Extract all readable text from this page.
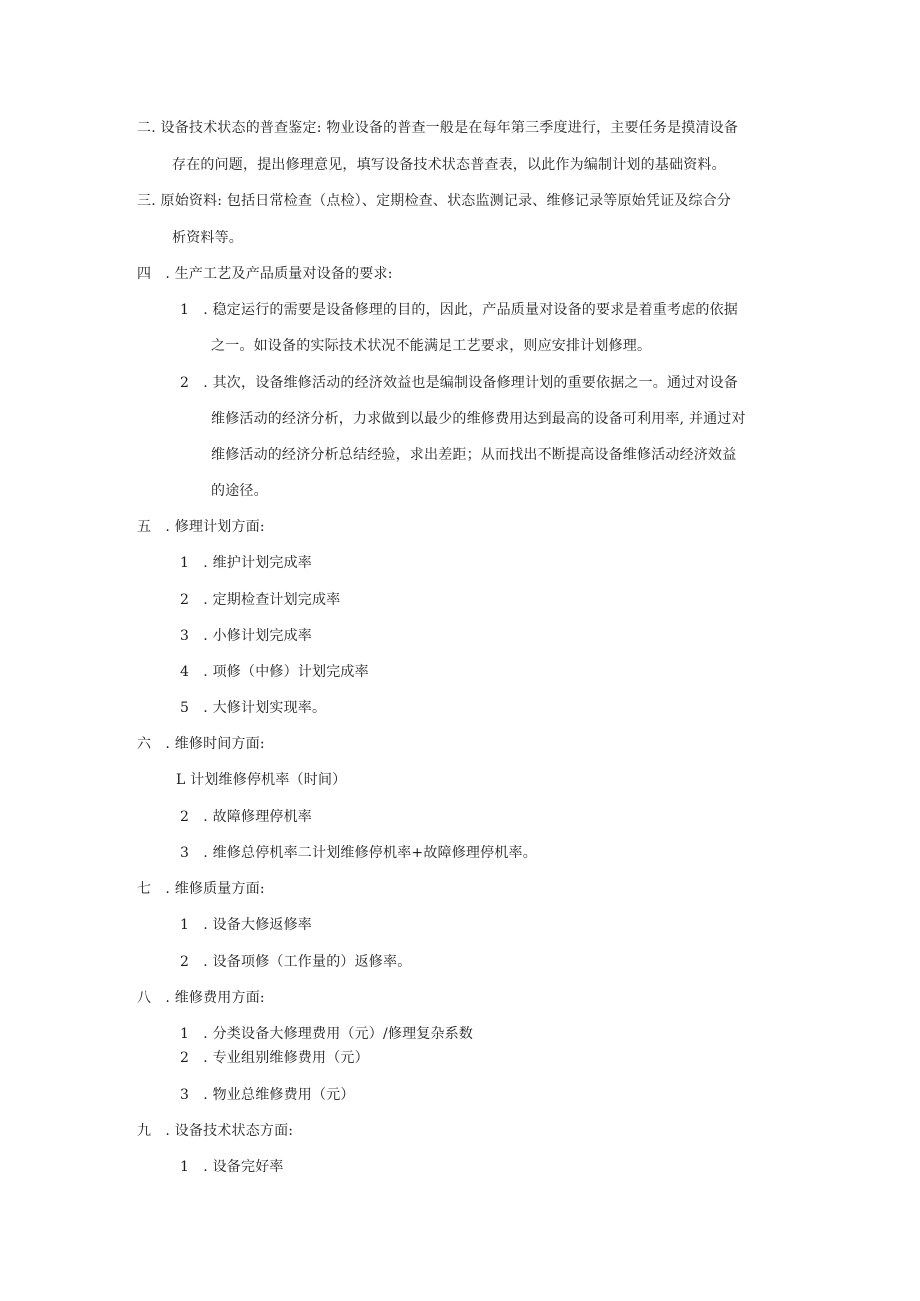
二. 设备技术状态的普查鉴定: 物业设备的普查一般是在每年第三季度进行，主要任务是摸清设备
存在的问题，提出修理意见，填写设备技术状态普查表，以此作为编制计划的基础资料。
三. 原始资料: 包括日常检查（点检）、定期检查、状态监测记录、维修记录等原始凭证及综合分
析资料等。
四　. 生产工艺及产品质量对设备的要求:
1　. 稳定运行的需要是设备修理的目的，因此，产品质量对设备的要求是着重考虑的依据
之一。如设备的实际技术状况不能满足工艺要求，则应安排计划修理。
2　. 其次，设备维修活动的经济效益也是编制设备修理计划的重要依据之一。通过对设备
维修活动的经济分析，力求做到以最少的维修费用达到最高的设备可利用率, 并通过对
维修活动的经济分析总结经验，求出差距；从而找出不断提高设备维修活动经济效益
的途径。
五　. 修理计划方面:
1　. 维护计划完成率
2　. 定期检查计划完成率
3　. 小修计划完成率
4　. 项修（中修）计划完成率
5　. 大修计划实现率。
六　. 维修时间方面:
L 计划维修停机率（时间）
2　. 故障修理停机率
3　. 维修总停机率二计划维修停机率+故障修理停机率。
七　. 维修质量方面:
1　. 设备大修返修率
2　. 设备项修（工作量的）返修率。
八　. 维修费用方面:
1　. 分类设备大修理费用（元）/修理复杂系数
2　. 专业组别维修费用（元）
3　. 物业总维修费用（元）
九　. 设备技术状态方面:
1　. 设备完好率
